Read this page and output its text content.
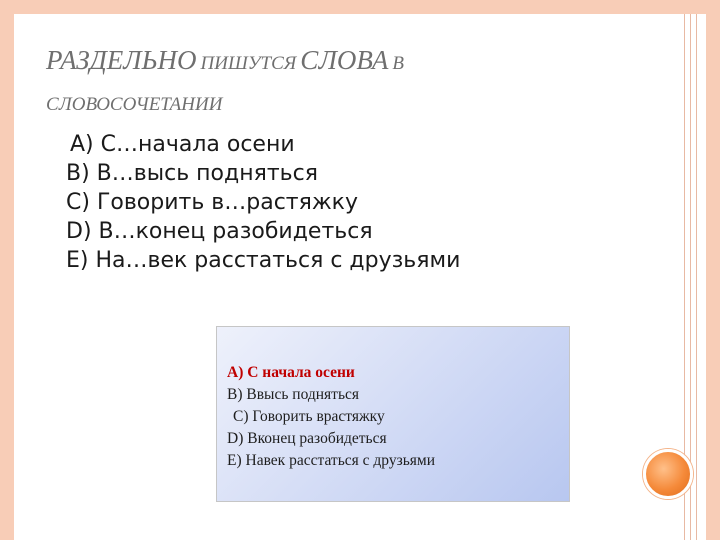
РАЗДЕЛЬНО ПИШУТСЯ СЛОВА В
СЛОВОСОЧЕТАНИИ
А) С…начала осени
В) В…высь подняться
С) Говорить в…растяжку
D) В…конец разобидеться
Е) На…век расстаться с друзьями
А) С начала осени
В) Ввысь подняться
С) Говорить врастяжку
D) Вконец разобидеться
Е) Навек расстаться с друзьями
